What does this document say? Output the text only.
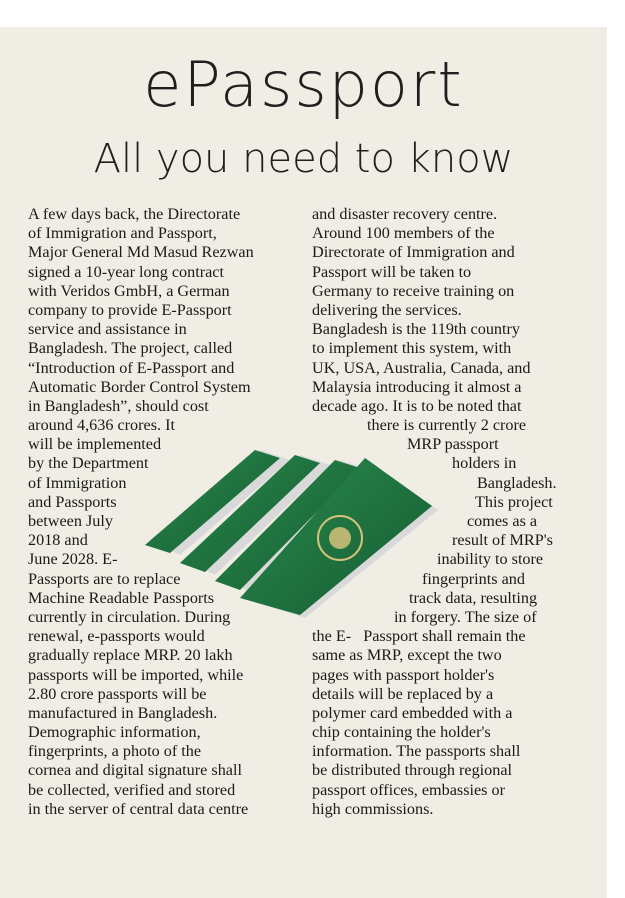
ePassport
All you need to know
A few days back, the Directorate
of Immigration and Passport,
Major General Md Masud Rezwan
signed a 10-year long contract
with Veridos GmbH, a German
company to provide E-Passport
service and assistance in
Bangladesh. The project, called
“Introduction of E-Passport and
Automatic Border Control System
in Bangladesh”, should cost
around 4,636 crores. It
will be implemented
by the Department
of Immigration
and Passports
between July
2018 and
June 2028. E-
Passports are to replace
Machine Readable Passports
currently in circulation. During
renewal, e-passports would
gradually replace MRP. 20 lakh
passports will be imported, while
2.80 crore passports will be
manufactured in Bangladesh.
Demographic information,
fingerprints, a photo of the
cornea and digital signature shall
be collected, verified and stored
in the server of central data centre
and disaster recovery centre.
Around 100 members of the
Directorate of Immigration and
Passport will be taken to
Germany to receive training on
delivering the services.
Bangladesh is the 119th country
to implement this system, with
UK, USA, Australia, Canada, and
Malaysia introducing it almost a
decade ago. It is to be noted that
there is currently 2 crore
MRP passport
holders in
Bangladesh.
This project
comes as a
result of MRP's
inability to store
fingerprints and
track data, resulting
in forgery. The size of
the E-   Passport shall remain the
same as MRP, except the two
pages with passport holder's
details will be replaced by a
polymer card embedded with a
chip containing the holder's
information. The passports shall
be distributed through regional
passport offices, embassies or
high commissions.
